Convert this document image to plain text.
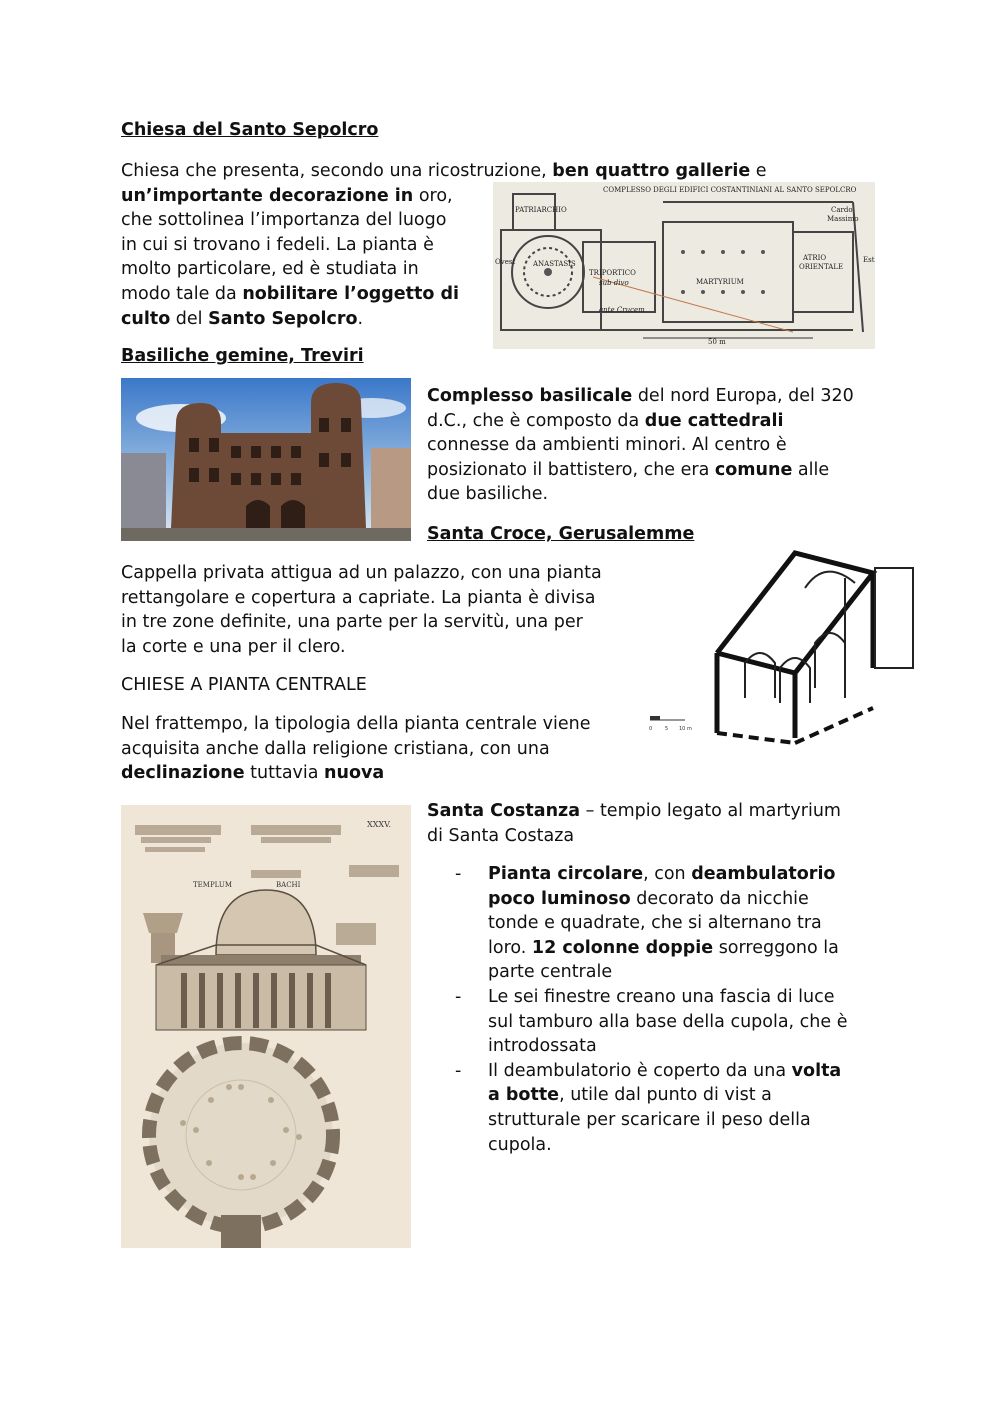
Chiesa del Santo Sepolcro
Chiesa che presenta, secondo una ricostruzione, ben quattro gallerie e
un’importante decorazione in oro,
che sottolinea l’importanza del luogo
in cui si trovano i fedeli. La pianta è
molto particolare, ed è studiata in
modo tale da nobilitare l’oggetto di
culto del Santo Sepolcro.
COMPLESSO DEGLI EDIFICI COSTANTINIANI AL SANTO SEPOLCRO
PATRIARCHIO	Cardo
Massimo
Ovest	ANASTASIS
TRIPORTICO
sub divo	MARTYRIUM
ATRIO
ORIENTALE
Est
ante Crucem
50 m
Basiliche gemine, Treviri
Complesso basilicale del nord Europa, del 320
d.C., che è composto da due cattedrali
connesse da ambienti minori. Al centro è
posizionato il battistero, che era comune alle
due basiliche.
Santa Croce, Gerusalemme
Cappella privata attigua ad un palazzo, con una pianta
rettangolare e copertura a capriate. La pianta è divisa
in tre zone definite, una parte per la servitù, una per
la corte e una per il clero.
0	5 10 m
CHIESE A PIANTA CENTRALE
Nel frattempo, la tipologia della pianta centrale viene
acquisita anche dalla religione cristiana, con una
declinazione tuttavia nuova
XXXV.
TEMPLUM	BACHI
Santa Costanza – tempio legato al martyrium
di Santa Costaza
- Pianta circolare, con deambulatorio
poco luminoso decorato da nicchie
tonde e quadrate, che si alternano tra
loro. 12 colonne doppie sorreggono la
parte centrale
- Le sei finestre creano una fascia di luce
sul tamburo alla base della cupola, che è
introdossata
- Il deambulatorio è coperto da una volta
a botte, utile dal punto di vist a
strutturale per scaricare il peso della
cupola.
